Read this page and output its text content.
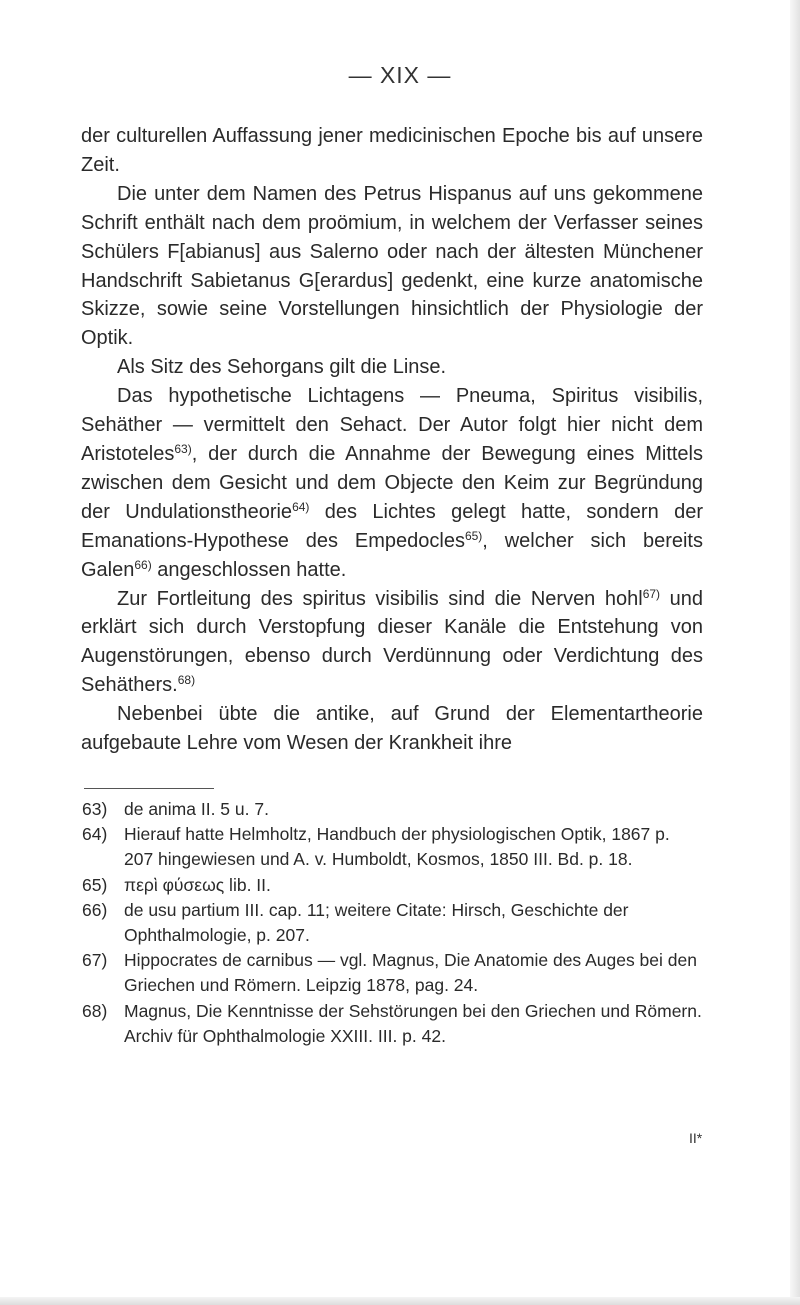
— XIX —

der culturellen Auffassung jener medicinischen Epoche bis auf unsere Zeit.

Die unter dem Namen des Petrus Hispanus auf uns gekommene Schrift enthält nach dem proömium, in welchem der Verfasser seines Schülers F[abianus] aus Salerno oder nach der ältesten Münchener Handschrift Sabietanus G[erardus] gedenkt, eine kurze anatomische Skizze, sowie seine Vorstellungen hinsichtlich der Physiologie der Optik.

Als Sitz des Sehorgans gilt die Linse.

Das hypothetische Lichtagens — Pneuma, Spiritus visibilis, Sehäther — vermittelt den Sehact. Der Autor folgt hier nicht dem Aristoteles$^{63)}$, der durch die Annahme der Bewegung eines Mittels zwischen dem Gesicht und dem Objecte den Keim zur Begründung der Undulationstheorie$^{64)}$ des Lichtes gelegt hatte, sondern der Emanations-Hypothese des Empedocles$^{65)}$, welcher sich bereits Galen$^{66)}$ angeschlossen hatte.

Zur Fortleitung des spiritus visibilis sind die Nerven hohl$^{67)}$ und erklärt sich durch Verstopfung dieser Kanäle die Entstehung von Augenstörungen, ebenso durch Verdünnung oder Verdichtung des Sehäthers.$^{68)}$

Nebenbei übte die antike, auf Grund der Elementartheorie aufgebaute Lehre vom Wesen der Krankheit ihre

63) de anima II. 5 u. 7.
64) Hierauf hatte Helmholtz, Handbuch der physiologischen Optik, 1867 p. 207 hingewiesen und A. v. Humboldt, Kosmos, 1850 III. Bd. p. 18.
65) περὶ φύσεως lib. II.
66) de usu partium III. cap. 11; weitere Citate: Hirsch, Geschichte der Ophthalmologie, p. 207.
67) Hippocrates de carnibus — vgl. Magnus, Die Anatomie des Auges bei den Griechen und Römern. Leipzig 1878, pag. 24.
68) Magnus, Die Kenntnisse der Sehstörungen bei den Griechen und Römern. Archiv für Ophthalmologie XXIII. III. p. 42.
II*
